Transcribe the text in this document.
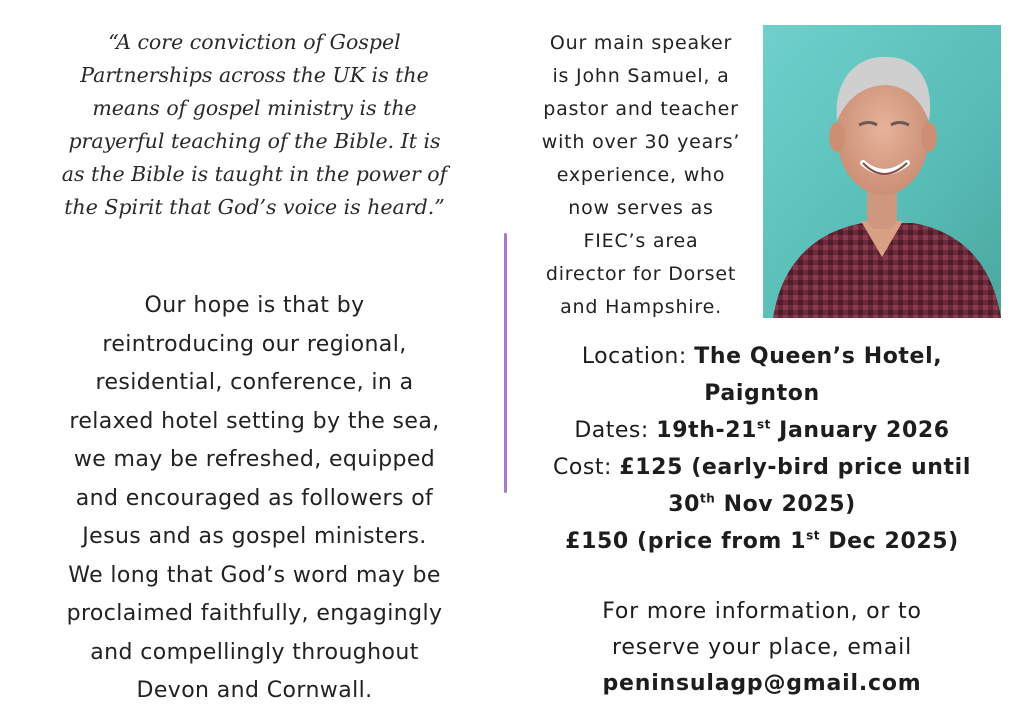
“A core conviction of Gospel
Partnerships across the UK is the
means of gospel ministry is the
prayerful teaching of the Bible. It is
as the Bible is taught in the power of
the Spirit that God’s voice is heard.”

Our hope is that by
reintroducing our regional,
residential, conference, in a
relaxed hotel setting by the sea,
we may be refreshed, equipped
and encouraged as followers of
Jesus and as gospel ministers.
We long that God’s word may be
proclaimed faithfully, engagingly
and compellingly throughout
Devon and Cornwall.

Our main speaker
is John Samuel, a
pastor and teacher
with over 30 years’
experience, who
now serves as
FIEC’s area
director for Dorset
and Hampshire.

Location: The Queen’s Hotel,

Paignton

Dates: 19th-21st January 2026

Cost: £125 (early-bird price until

30th Nov 2025)

£150 (price from 1st Dec 2025)

For more information, or to
reserve your place, email
peninsulagp@gmail.com
